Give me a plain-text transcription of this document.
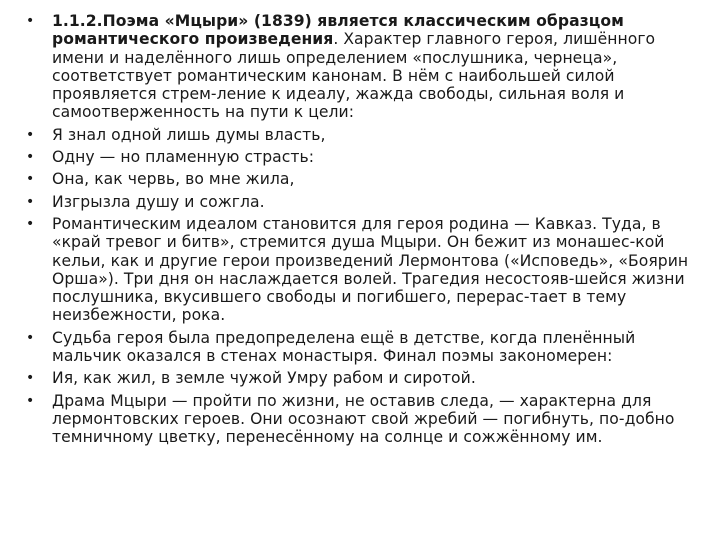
• 1.1.2.Поэма «Мцыри» (1839) является классическим образцом романтического произведения. Характер главного героя, лишённого имени и наделённого лишь определением «послушника, чернеца», соответствует романтическим канонам. В нём с наибольшей силой проявляется стрем-ление к идеалу, жажда свободы, сильная воля и самоотверженность на пути к цели:
• Я знал одной лишь думы власть,
• Одну — но пламенную страсть:
• Она, как червь, во мне жила,
• Изгрызла душу и сожгла.
• Романтическим идеалом становится для героя родина — Кавказ. Туда, в «край тревог и битв», стремится душа Мцыри. Он бежит из монашес-кой кельи, как и другие герои произведений Лермонтова («Исповедь», «Боярин Орша»). Три дня он наслаждается волей. Трагедия несостояв-шейся жизни послушника, вкусившего свободы и погибшего, перерас-тает в тему неизбежности, рока.
• Судьба героя была предопределена ещё в детстве, когда пленённый мальчик оказался в стенах монастыря. Финал поэмы закономерен:
• Ия, как жил, в земле чужой Умру рабом и сиротой.
• Драма Мцыри — пройти по жизни, не оставив следа, — характерна для лермонтовских героев. Они осознают свой жребий — погибнуть, по-добно темничному цветку, перенесённому на солнце и сожжённому им.
